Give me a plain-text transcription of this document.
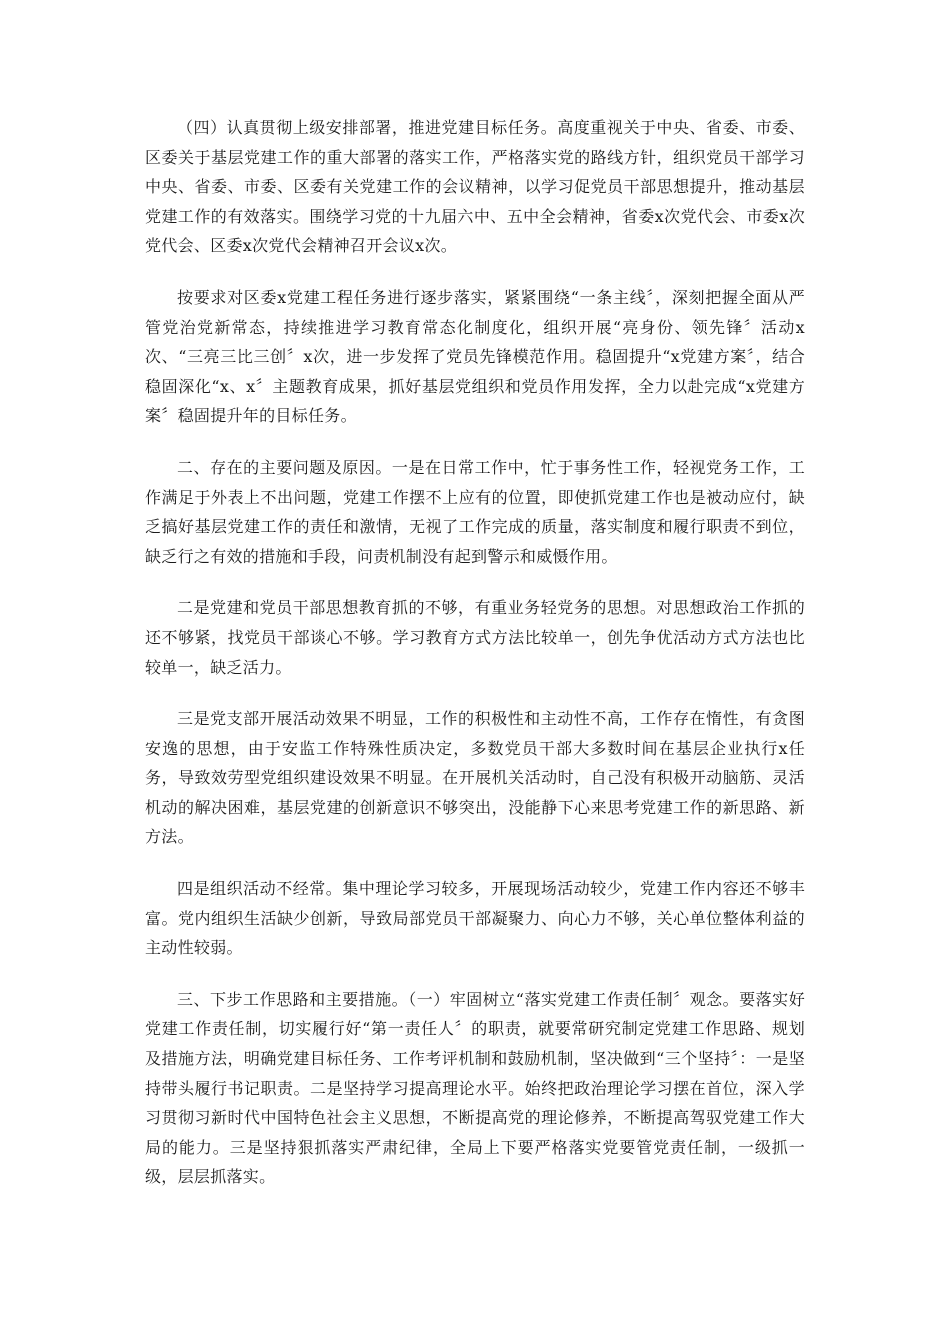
（四）认真贯彻上级安排部署，推进党建目标任务。高度重视关于中央、省委、市委、区委关于基层党建工作的重大部署的落实工作，严格落实党的路线方针，组织党员干部学习中央、省委、市委、区委有关党建工作的会议精神，以学习促党员干部思想提升，推动基层党建工作的有效落实。围绕学习党的十九届六中、五中全会精神，省委x次党代会、市委x次党代会、区委x次党代会精神召开会议x次。

按要求对区委x党建工程任务进行逐步落实，紧紧围绕“一条主线〞，深刻把握全面从严管党治党新常态，持续推进学习教育常态化制度化，组织开展“亮身份、领先锋〞活动x次、“三亮三比三创〞x次，进一步发挥了党员先锋模范作用。稳固提升“x党建方案〞，结合稳固深化“x、x〞主题教育成果，抓好基层党组织和党员作用发挥，全力以赴完成“x党建方案〞稳固提升年的目标任务。

二、存在的主要问题及原因。一是在日常工作中，忙于事务性工作，轻视党务工作，工作满足于外表上不出问题，党建工作摆不上应有的位置，即使抓党建工作也是被动应付，缺乏搞好基层党建工作的责任和激情，无视了工作完成的质量，落实制度和履行职责不到位，缺乏行之有效的措施和手段，问责机制没有起到警示和威慑作用。

二是党建和党员干部思想教育抓的不够，有重业务轻党务的思想。对思想政治工作抓的还不够紧，找党员干部谈心不够。学习教育方式方法比较单一，创先争优活动方式方法也比较单一，缺乏活力。

三是党支部开展活动效果不明显，工作的积极性和主动性不高，工作存在惰性，有贪图安逸的思想，由于安监工作特殊性质决定，多数党员干部大多数时间在基层企业执行x任务，导致效劳型党组织建设效果不明显。在开展机关活动时，自己没有积极开动脑筋、灵活机动的解决困难，基层党建的创新意识不够突出，没能静下心来思考党建工作的新思路、新方法。

四是组织活动不经常。集中理论学习较多，开展现场活动较少，党建工作内容还不够丰富。党内组织生活缺少创新，导致局部党员干部凝聚力、向心力不够，关心单位整体利益的主动性较弱。

三、下步工作思路和主要措施。（一）牢固树立“落实党建工作责任制〞观念。要落实好党建工作责任制，切实履行好“第一责任人〞的职责，就要常研究制定党建工作思路、规划及措施方法，明确党建目标任务、工作考评机制和鼓励机制，坚决做到“三个坚持〞：一是坚持带头履行书记职责。二是坚持学习提高理论水平。始终把政治理论学习摆在首位，深入学习贯彻习新时代中国特色社会主义思想，不断提高党的理论修养，不断提高驾驭党建工作大局的能力。三是坚持狠抓落实严肃纪律，全局上下要严格落实党要管党责任制，一级抓一级，层层抓落实。
